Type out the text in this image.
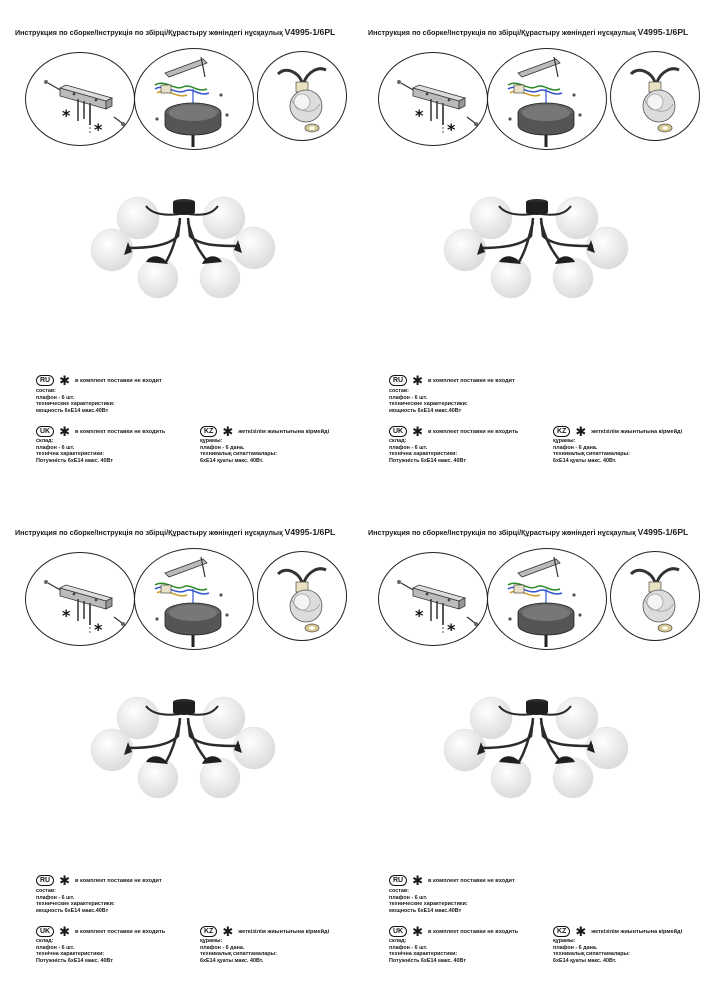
Инструкция по сборке/Інструкція по збірці/Құрастыру жөніндегі нұсқаулық V4995-1/6PL
*
*
RU ✱ в комплект поставки не входит
состав:
плафон - 6 шт.
технические характеристики:
мощность 6хЕ14 макс.40Вт
UK ✱ в комплект поставки не входить
склад:
плафон - 6 шт.
технічна характеристики:
Потужність 6хЕ14 макс. 40Вт
KZ ✱ жеткізілім жиынтығына кірмейді
құрамы:
плафон - 6 дана.
техникалық сипаттамалары:
6хЕ14 қуаты макс. 40Вт.
Инструкция по сборке/Інструкція по збірці/Құрастыру жөніндегі нұсқаулық V4995-1/6PL
*
*
RU ✱ в комплект поставки не входит
состав:
плафон - 6 шт.
технические характеристики:
мощность 6хЕ14 макс.40Вт
UK ✱ в комплект поставки не входить
склад:
плафон - 6 шт.
технічна характеристики:
Потужність 6хЕ14 макс. 40Вт
KZ ✱ жеткізілім жиынтығына кірмейді
құрамы:
плафон - 6 дана.
техникалық сипаттамалары:
6хЕ14 қуаты макс. 40Вт.
Инструкция по сборке/Інструкція по збірці/Құрастыру жөніндегі нұсқаулық V4995-1/6PL
*
*
RU ✱ в комплект поставки не входит
состав:
плафон - 6 шт.
технические характеристики:
мощность 6хЕ14 макс.40Вт
UK ✱ в комплект поставки не входить
склад:
плафон - 6 шт.
технічна характеристики:
Потужність 6хЕ14 макс. 40Вт
KZ ✱ жеткізілім жиынтығына кірмейді
құрамы:
плафон - 6 дана.
техникалық сипаттамалары:
6хЕ14 қуаты макс. 40Вт.
Инструкция по сборке/Інструкція по збірці/Құрастыру жөніндегі нұсқаулық V4995-1/6PL
*
*
RU ✱ в комплект поставки не входит
состав:
плафон - 6 шт.
технические характеристики:
мощность 6хЕ14 макс.40Вт
UK ✱ в комплект поставки не входить
склад:
плафон - 6 шт.
технічна характеристики:
Потужність 6хЕ14 макс. 40Вт
KZ ✱ жеткізілім жиынтығына кірмейді
құрамы:
плафон - 6 дана.
техникалық сипаттамалары:
6хЕ14 қуаты макс. 40Вт.
